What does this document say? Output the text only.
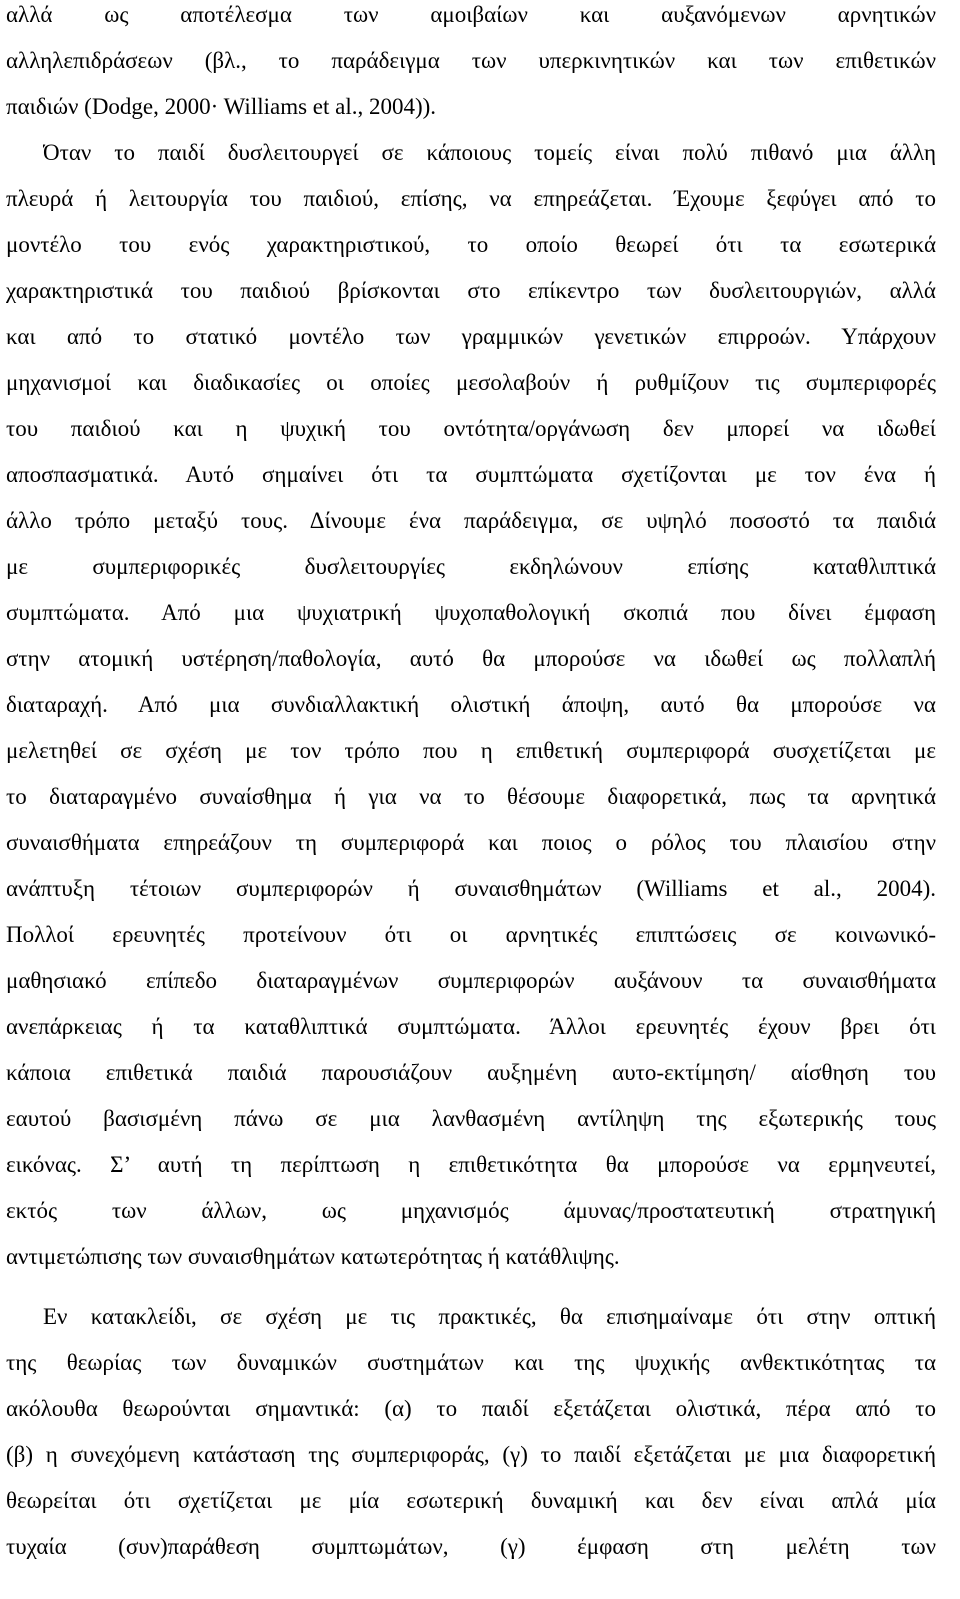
αλλά ως αποτέλεσμα των αμοιβαίων και αυξανόμενων αρνητικών
αλληλεπιδράσεων (βλ., το παράδειγμα των υπερκινητικών και των επιθετικών
παιδιών (Dodge, 2000· Williams et al., 2004)).
Όταν το παιδί δυσλειτουργεί σε κάποιους τομείς είναι πολύ πιθανό μια άλλη
πλευρά ή λειτουργία του παιδιού, επίσης, να επηρεάζεται. Έχουμε ξεφύγει από το
μοντέλο του ενός χαρακτηριστικού, το οποίο θεωρεί ότι τα εσωτερικά
χαρακτηριστικά του παιδιού βρίσκονται στο επίκεντρο των δυσλειτουργιών, αλλά
και από το στατικό μοντέλο των γραμμικών γενετικών επιρροών. Υπάρχουν
μηχανισμοί και διαδικασίες οι οποίες μεσολαβούν ή ρυθμίζουν τις συμπεριφορές
του παιδιού και η ψυχική του οντότητα/οργάνωση δεν μπορεί να ιδωθεί
αποσπασματικά. Αυτό σημαίνει ότι τα συμπτώματα σχετίζονται με τον ένα ή
άλλο τρόπο μεταξύ τους. Δίνουμε ένα παράδειγμα, σε υψηλό ποσοστό τα παιδιά
με συμπεριφορικές δυσλειτουργίες εκδηλώνουν επίσης καταθλιπτικά
συμπτώματα. Από μια ψυχιατρική ψυχοπαθολογική σκοπιά που δίνει έμφαση
στην ατομική υστέρηση/παθολογία, αυτό θα μπορούσε να ιδωθεί ως πολλαπλή
διαταραχή. Από μια συνδιαλλακτική ολιστική άποψη, αυτό θα μπορούσε να
μελετηθεί σε σχέση με τον τρόπο που η επιθετική συμπεριφορά συσχετίζεται με
το διαταραγμένο συναίσθημα ή για να το θέσουμε διαφορετικά, πως τα αρνητικά
συναισθήματα επηρεάζουν τη συμπεριφορά και ποιος ο ρόλος του πλαισίου στην
ανάπτυξη τέτοιων συμπεριφορών ή συναισθημάτων (Williams et al., 2004).
Πολλοί ερευνητές προτείνουν ότι οι αρνητικές επιπτώσεις σε κοινωνικό-
μαθησιακό επίπεδο διαταραγμένων συμπεριφορών αυξάνουν τα συναισθήματα
ανεπάρκειας ή τα καταθλιπτικά συμπτώματα. Άλλοι ερευνητές έχουν βρει ότι
κάποια επιθετικά παιδιά παρουσιάζουν αυξημένη αυτο-εκτίμηση/ αίσθηση του
εαυτού βασισμένη πάνω σε μια λανθασμένη αντίληψη της εξωτερικής τους
εικόνας. Σ’ αυτή τη περίπτωση η επιθετικότητα θα μπορούσε να ερμηνευτεί,
εκτός των άλλων, ως μηχανισμός άμυνας/προστατευτική στρατηγική
αντιμετώπισης των συναισθημάτων κατωτερότητας ή κατάθλιψης.
Εν κατακλείδι, σε σχέση με τις πρακτικές, θα επισημαίναμε ότι στην οπτική
της θεωρίας των δυναμικών συστημάτων και της ψυχικής ανθεκτικότητας τα
ακόλουθα θεωρούνται σημαντικά: (α) το παιδί εξετάζεται ολιστικά, πέρα από το
(β) η συνεχόμενη κατάσταση της συμπεριφοράς, (γ) το παιδί εξετάζεται με μια διαφορετική
θεωρείται ότι σχετίζεται με μία εσωτερική δυναμική και δεν είναι απλά μία
τυχαία (συν)παράθεση συμπτωμάτων, (γ) έμφαση στη μελέτη των
